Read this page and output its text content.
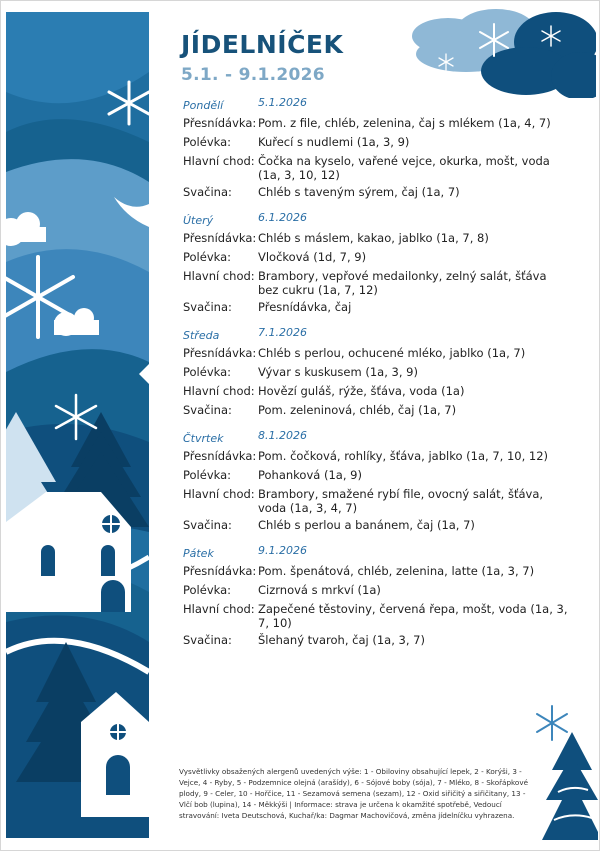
JÍDELNÍČEK
5.1. - 9.1.2026
Pondělí	5.1.2026
Přesnídávka: Pom. z file, chléb, zelenina, čaj s mlékem (1a, 4, 7)
Polévka: Kuřecí s nudlemi (1a, 3, 9)
Hlavní chod: Čočka na kyselo, vařené vejce, okurka, mošt, voda (1a, 3, 10, 12)
Svačina: Chléb s taveným sýrem, čaj (1a, 7)
Úterý	6.1.2026
Přesnídávka: Chléb s máslem, kakao, jablko (1a, 7, 8)
Polévka: Vločková (1d, 7, 9)
Hlavní chod: Brambory, vepřové medailonky, zelný salát, šťáva bez cukru (1a, 7, 12)
Svačina: Přesnídávka, čaj
Středa	7.1.2026
Přesnídávka: Chléb s perlou, ochucené mléko, jablko (1a, 7)
Polévka: Vývar s kuskusem (1a, 3, 9)
Hlavní chod: Hovězí guláš, rýže, šťáva, voda (1a)
Svačina: Pom. zeleninová, chléb, čaj (1a, 7)
Čtvrtek	8.1.2026
Přesnídávka: Pom. čočková, rohlíky, šťáva, jablko (1a, 7, 10, 12)
Polévka: Pohanková (1a, 9)
Hlavní chod: Brambory, smažené rybí file, ovocný salát, šťáva, voda (1a, 3, 4, 7)
Svačina: Chléb s perlou a banánem, čaj (1a, 7)
Pátek	9.1.2026
Přesnídávka: Pom. špenátová, chléb, zelenina, latte (1a, 3, 7)
Polévka: Cizrnová s mrkví (1a)
Hlavní chod: Zapečené těstoviny, červená řepa, mošt, voda (1a, 3, 7, 10)
Svačina: Šlehaný tvaroh, čaj (1a, 3, 7)

Vysvětlivky obsažených alergenů uvedených výše: 1 - Obiloviny obsahující lepek, 2 - Korýši, 3 - Vejce, 4 - Ryby, 5 - Podzemnice olejná (arašídy), 6 - Sójové boby (sója), 7 - Mléko, 8 - Skořápkové plody, 9 - Celer, 10 - Hořčice, 11 - Sezamová semena (sezam), 12 - Oxid siřičitý a siřičitany, 13 - Vlčí bob (lupina), 14 - Měkkýši | Informace: strava je určena k okamžité spotřebě, Vedoucí stravování: Iveta Deutschová, Kuchař/ka: Dagmar Machovičová, změna jídelníčku vyhrazena.
